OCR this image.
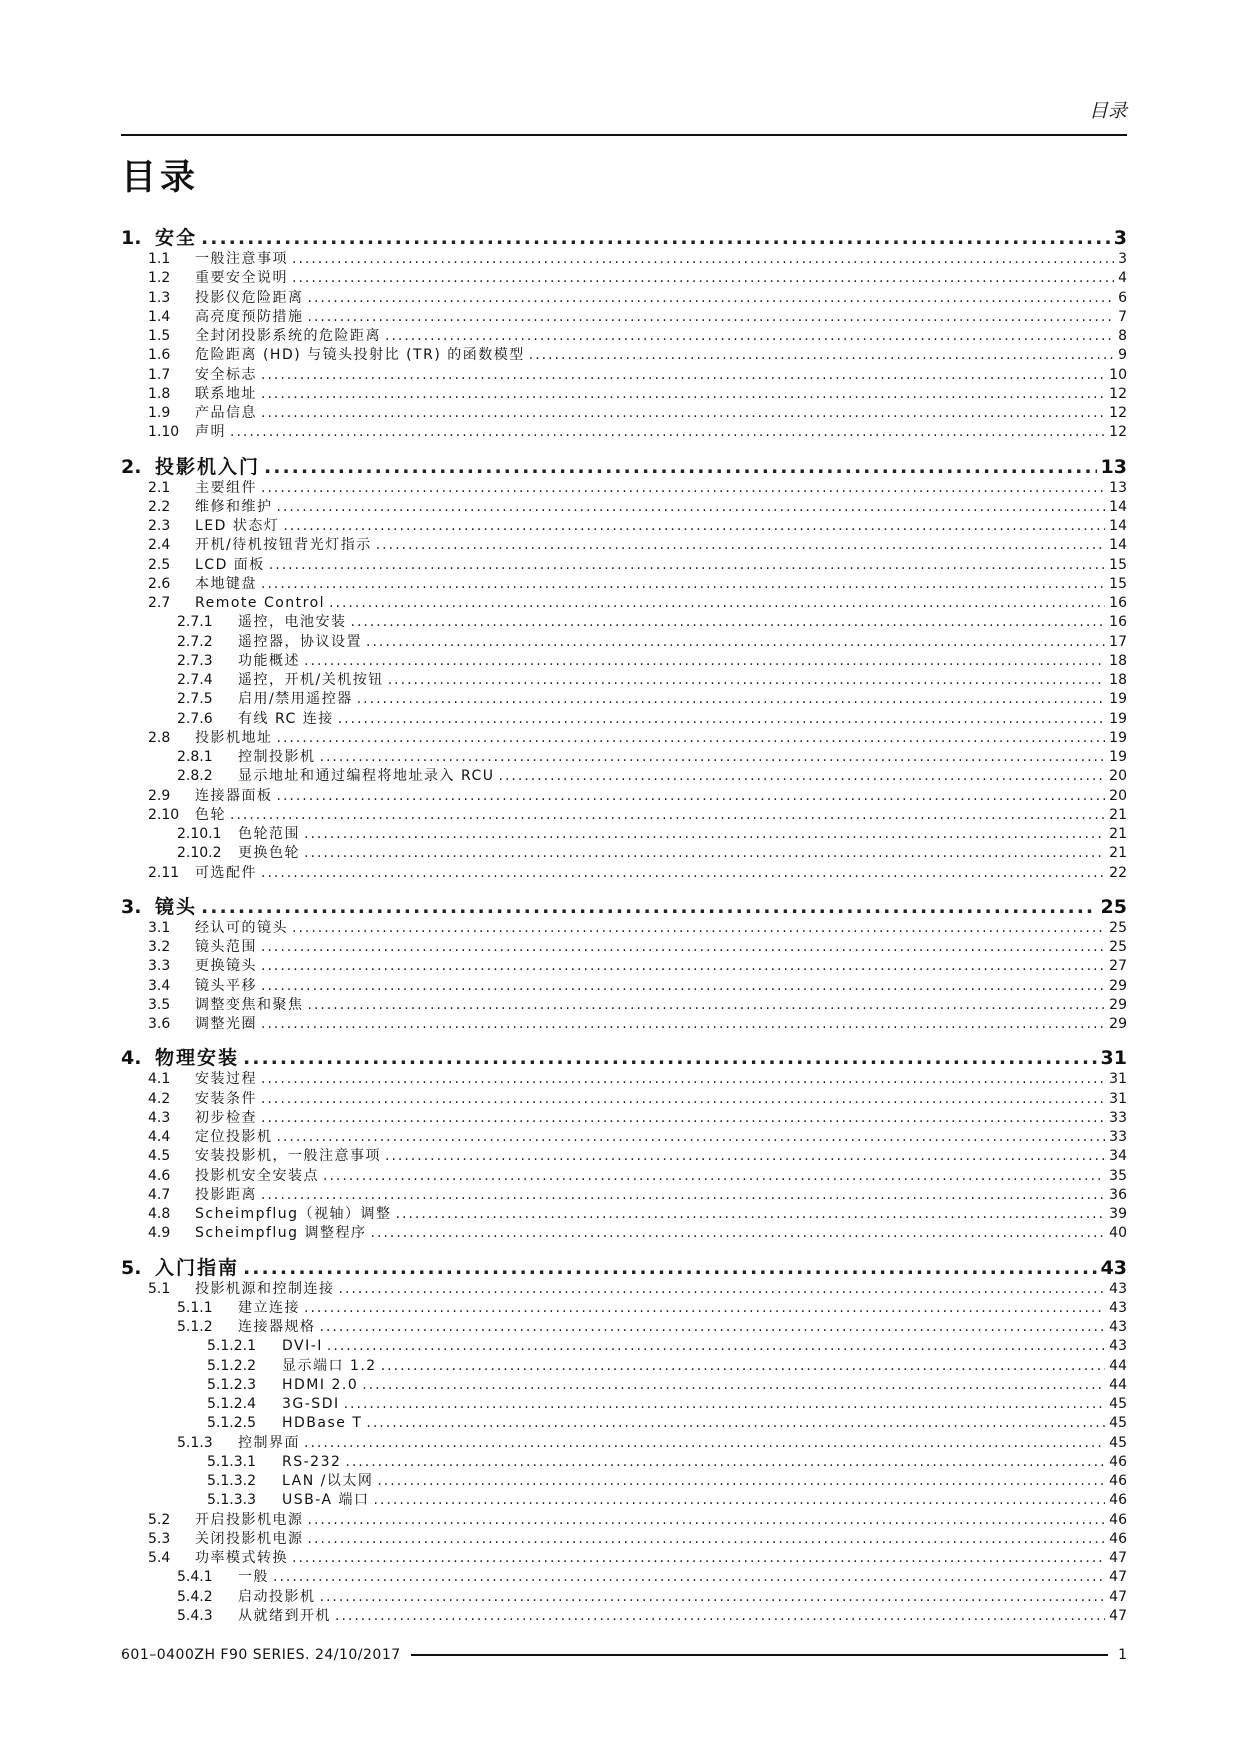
目录
目录
1. 安全 .....	3
1.1	一般注意事项 .....	3
1.2	重要安全说明 .....	4
1.3	投影仪危险距离 .....	6
1.4	高亮度预防措施 .....	7
1.5	全封闭投影系统的危险距离 .....	8
1.6	危险距离 (HD) 与镜头投射比 (TR) 的函数模型 .....	9
1.7	安全标志 .....	10
1.8	联系地址 .....	12
1.9	产品信息 .....	12
1.10	声明 .....	12
2. 投影机入门 .....	13
2.1	主要组件 .....	13
2.2	维修和维护 .....	14
2.3	LED 状态灯 .....	14
2.4	开机/待机按钮背光灯指示 .....	14
2.5	LCD 面板 .....	15
2.6	本地键盘 .....	15
2.7	Remote Control .....	16
2.7.1	遥控，电池安装 .....	16
2.7.2	遥控器，协议设置 .....	17
2.7.3	功能概述 .....	18
2.7.4	遥控，开机/关机按钮 .....	18
2.7.5	启用/禁用遥控器 .....	19
2.7.6	有线 RC 连接 .....	19
2.8	投影机地址 .....	19
2.8.1	控制投影机 .....	19
2.8.2	显示地址和通过编程将地址录入 RCU .....	20
2.9	连接器面板 .....	20
2.10	色轮 .....	21
2.10.1	色轮范围 .....	21
2.10.2	更换色轮 .....	21
2.11	可选配件 .....	22
3. 镜头 .....	25
3.1	经认可的镜头 .....	25
3.2	镜头范围 .....	25
3.3	更换镜头 .....	27
3.4	镜头平移 .....	29
3.5	调整变焦和聚焦 .....	29
3.6	调整光圈 .....	29
4. 物理安装 .....	31
4.1	安装过程 .....	31
4.2	安装条件 .....	31
4.3	初步检查 .....	33
4.4	定位投影机 .....	33
4.5	安装投影机，一般注意事项 .....	34
4.6	投影机安全安装点 .....	35
4.7	投影距离 .....	36
4.8	Scheimpflug（视轴）调整 .....	39
4.9	Scheimpflug 调整程序 .....	40
5. 入门指南 .....	43
5.1	投影机源和控制连接 .....	43
5.1.1	建立连接 .....	43
5.1.2	连接器规格 .....	43
5.1.2.1	DVI-I .....	43
5.1.2.2	显示端口 1.2 .....	44
5.1.2.3	HDMI 2.0 .....	44
5.1.2.4	3G-SDI .....	45
5.1.2.5	HDBase T .....	45
5.1.3	控制界面 .....	45
5.1.3.1	RS-232 .....	46
5.1.3.2	LAN /以太网 .....	46
5.1.3.3	USB-A 端口 .....	46
5.2	开启投影机电源 .....	46
5.3	关闭投影机电源 .....	46
5.4	功率模式转换 .....	47
5.4.1	一般 .....	47
5.4.2	启动投影机 .....	47
5.4.3	从就绪到开机 .....	47
601–0400ZH F90 SERIES. 24/10/2017	1
